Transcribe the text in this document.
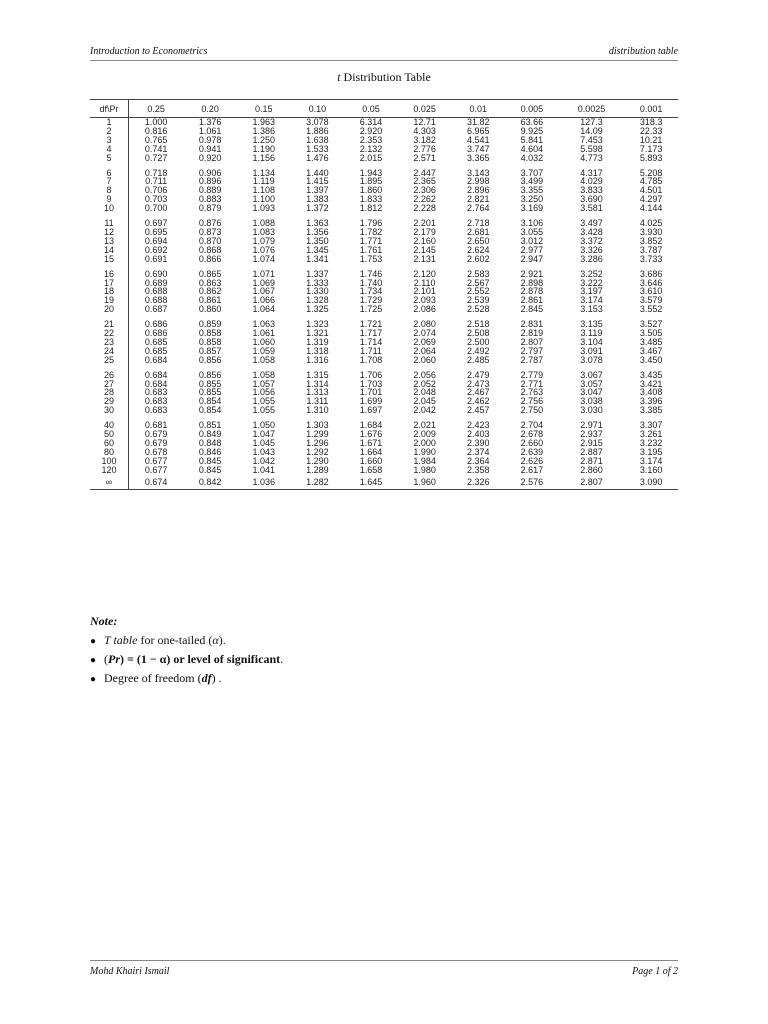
Introduction to Econometrics	distribution table
t Distribution Table
df\Pr	0.25	0.20	0.15	0.10	0.05	0.025	0.01	0.005	0.0025	0.001
1	1.000	1.376	1.963	3.078	6.314	12.71	31.82	63.66	127.3	318.3
2	0.816	1.061	1.386	1.886	2.920	4.303	6.965	9.925	14.09	22.33
3	0.765	0.978	1.250	1.638	2.353	3.182	4.541	5.841	7.453	10.21
4	0.741	0.941	1.190	1.533	2.132	2.776	3.747	4.604	5.598	7.173
5	0.727	0.920	1.156	1.476	2.015	2.571	3.365	4.032	4.773	5.893

6	0.718	0.906	1.134	1.440	1.943	2.447	3.143	3.707	4.317	5.208
7	0.711	0.896	1.119	1.415	1.895	2.365	2.998	3.499	4.029	4.785
8	0.706	0.889	1.108	1.397	1.860	2.306	2.896	3.355	3.833	4.501
9	0.703	0.883	1.100	1.383	1.833	2.262	2.821	3.250	3.690	4.297
10	0.700	0.879	1.093	1.372	1.812	2.228	2.764	3.169	3.581	4.144

11	0.697	0.876	1.088	1.363	1.796	2.201	2.718	3.106	3.497	4.025
12	0.695	0.873	1.083	1.356	1.782	2.179	2.681	3.055	3.428	3.930
13	0.694	0.870	1.079	1.350	1.771	2.160	2.650	3.012	3.372	3.852
14	0.692	0.868	1.076	1.345	1.761	2.145	2.624	2.977	3.326	3.787
15	0.691	0.866	1.074	1.341	1.753	2.131	2.602	2.947	3.286	3.733

16	0.690	0.865	1.071	1.337	1.746	2.120	2.583	2.921	3.252	3.686
17	0.689	0.863	1.069	1.333	1.740	2.110	2.567	2.898	3.222	3.646
18	0.688	0.862	1.067	1.330	1.734	2.101	2.552	2.878	3.197	3.610
19	0.688	0.861	1.066	1.328	1.729	2.093	2.539	2.861	3.174	3.579
20	0.687	0.860	1.064	1.325	1.725	2.086	2.528	2.845	3.153	3.552

21	0.686	0.859	1.063	1.323	1.721	2.080	2.518	2.831	3.135	3.527
22	0.686	0.858	1.061	1.321	1.717	2.074	2.508	2.819	3.119	3.505
23	0.685	0.858	1.060	1.319	1.714	2.069	2.500	2.807	3.104	3.485
24	0.685	0.857	1.059	1.318	1.711	2.064	2.492	2.797	3.091	3.467
25	0.684	0.856	1.058	1.316	1.708	2.060	2.485	2.787	3.078	3.450

26	0.684	0.856	1.058	1.315	1.706	2.056	2.479	2.779	3.067	3.435
27	0.684	0.855	1.057	1.314	1.703	2.052	2.473	2.771	3.057	3.421
28	0.683	0.855	1.056	1.313	1.701	2.048	2.467	2.763	3.047	3.408
29	0.683	0.854	1.055	1.311	1.699	2.045	2.462	2.756	3.038	3.396
30	0.683	0.854	1.055	1.310	1.697	2.042	2.457	2.750	3.030	3.385

40	0.681	0.851	1.050	1.303	1.684	2.021	2.423	2.704	2.971	3.307
50	0.679	0.849	1.047	1.299	1.676	2.009	2.403	2.678	2.937	3.261
60	0.679	0.848	1.045	1.296	1.671	2.000	2.390	2.660	2.915	3.232
80	0.678	0.846	1.043	1.292	1.664	1.990	2.374	2.639	2.887	3.195
100	0.677	0.845	1.042	1.290	1.660	1.984	2.364	2.626	2.871	3.174
120	0.677	0.845	1.041	1.289	1.658	1.980	2.358	2.617	2.860	3.160
∞	0.674	0.842	1.036	1.282	1.645	1.960	2.326	2.576	2.807	3.090
Note:
● T table for one-tailed (α).
● (Pr) = (1 − α) or level of significant.
● Degree of freedom (df) .
Mohd Khairi Ismail	Page 1 of 2
